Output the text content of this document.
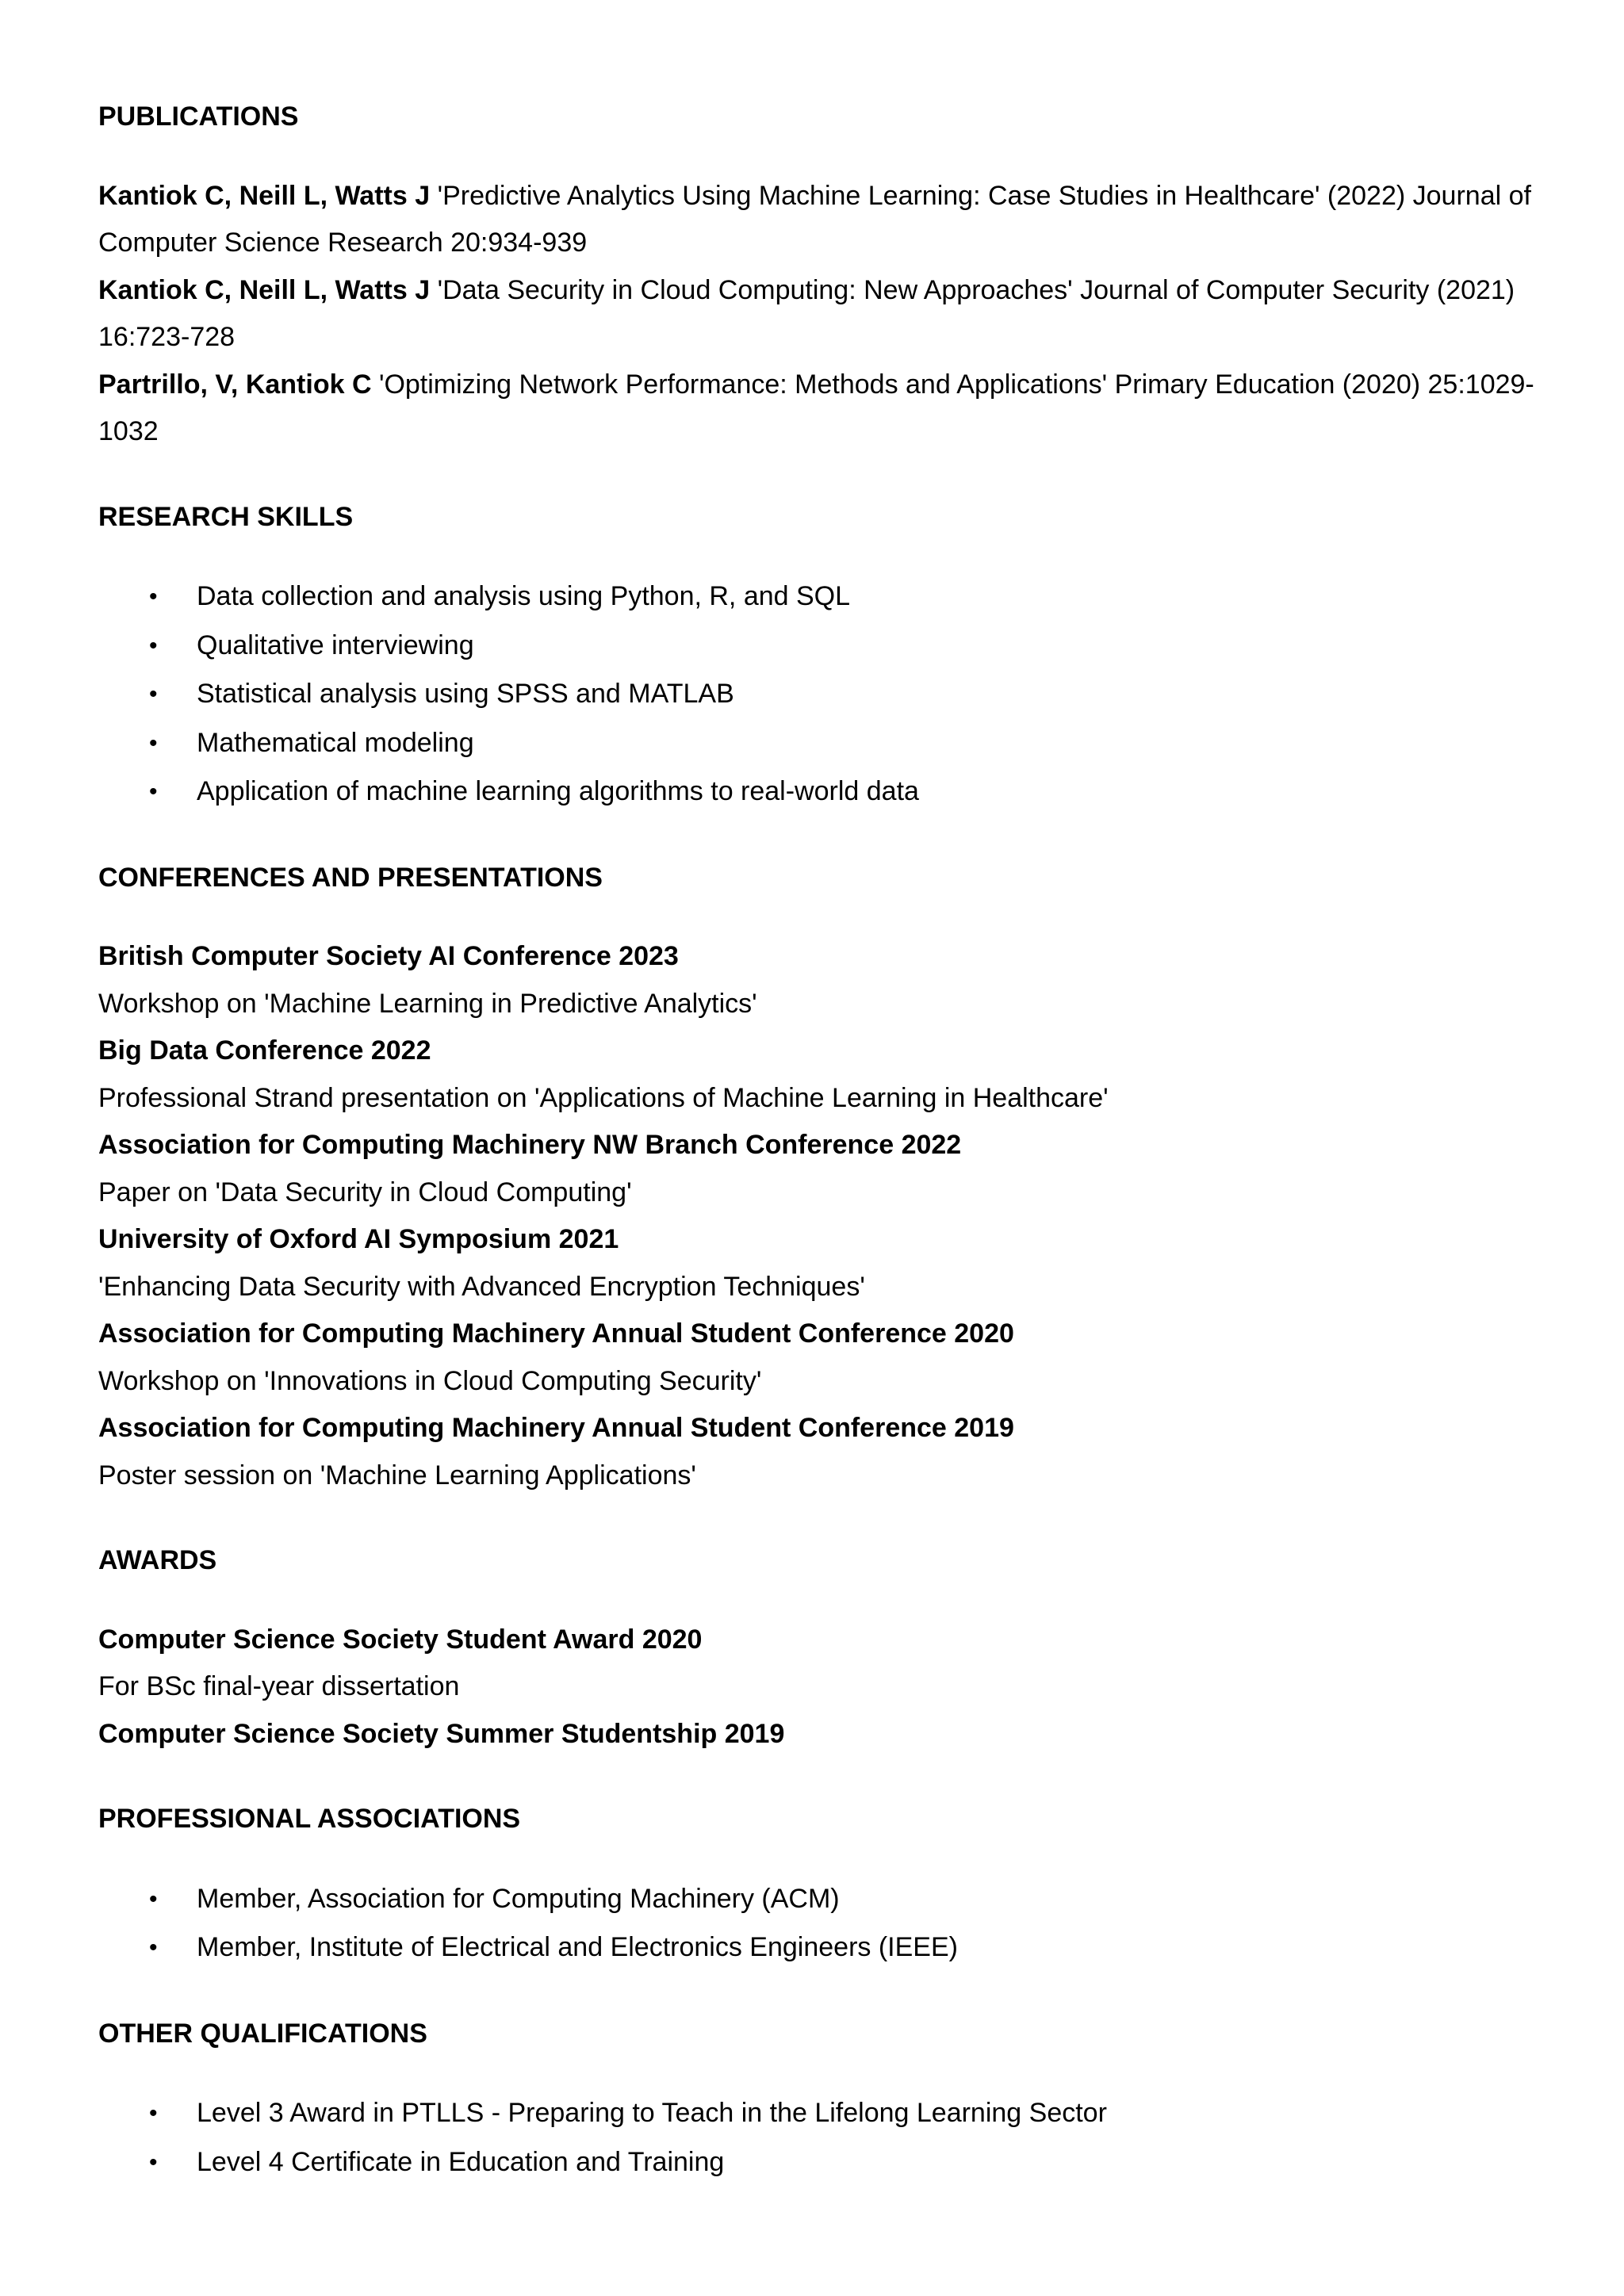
PUBLICATIONS

Kantiok C, Neill L, Watts J 'Predictive Analytics Using Machine Learning: Case Studies in Healthcare' (2022) Journal of Computer Science Research 20:934-939

Kantiok C, Neill L, Watts J 'Data Security in Cloud Computing: New Approaches' Journal of Computer Security (2021) 16:723-728

Partrillo, V, Kantiok C 'Optimizing Network Performance: Methods and Applications' Primary Education (2020) 25:1029-1032

RESEARCH SKILLS

• Data collection and analysis using Python, R, and SQL
• Qualitative interviewing
• Statistical analysis using SPSS and MATLAB
• Mathematical modeling
• Application of machine learning algorithms to real-world data

CONFERENCES AND PRESENTATIONS

British Computer Society AI Conference 2023

Workshop on 'Machine Learning in Predictive Analytics'

Big Data Conference 2022

Professional Strand presentation on 'Applications of Machine Learning in Healthcare'

Association for Computing Machinery NW Branch Conference 2022

Paper on 'Data Security in Cloud Computing'

University of Oxford AI Symposium 2021

'Enhancing Data Security with Advanced Encryption Techniques'

Association for Computing Machinery Annual Student Conference 2020

Workshop on 'Innovations in Cloud Computing Security'

Association for Computing Machinery Annual Student Conference 2019

Poster session on 'Machine Learning Applications'

AWARDS

Computer Science Society Student Award 2020

For BSc final-year dissertation

Computer Science Society Summer Studentship 2019

PROFESSIONAL ASSOCIATIONS

• Member, Association for Computing Machinery (ACM)
• Member, Institute of Electrical and Electronics Engineers (IEEE)

OTHER QUALIFICATIONS

• Level 3 Award in PTLLS - Preparing to Teach in the Lifelong Learning Sector
• Level 4 Certificate in Education and Training
